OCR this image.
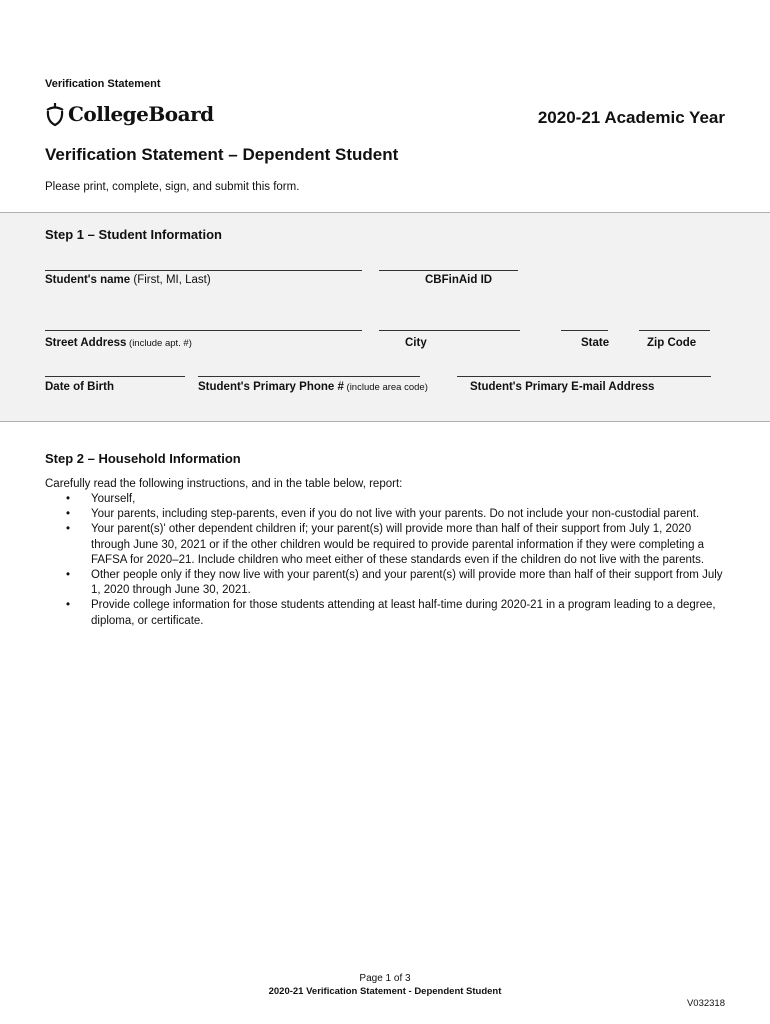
Verification Statement
CollegeBoard	2020-21 Academic Year
Verification Statement – Dependent Student
Please print, complete, sign, and submit this form.
Step 1 – Student Information
Student's name (First, MI, Last)	CBFinAid ID
Street Address (include apt. #)	City	State	Zip Code
Date of Birth	Student's Primary Phone # (include area code)	Student's Primary E-mail Address
Step 2 – Household Information
Carefully read the following instructions, and in the table below, report:
• Yourself,
• Your parents, including step-parents, even if you do not live with your parents. Do not include your non-custodial parent.
• Your parent(s)' other dependent children if; your parent(s) will provide more than half of their support from July 1, 2020 through June 30, 2021 or if the other children would be required to provide parental information if they were completing a FAFSA for 2020–21. Include children who meet either of these standards even if the children do not live with the parents.
• Other people only if they now live with your parent(s) and your parent(s) will provide more than half of their support from July 1, 2020 through June 30, 2021.
• Provide college information for those students attending at least half-time during 2020-21 in a program leading to a degree, diploma, or certificate.
Page 1 of 3
2020-21 Verification Statement - Dependent Student
V032318
